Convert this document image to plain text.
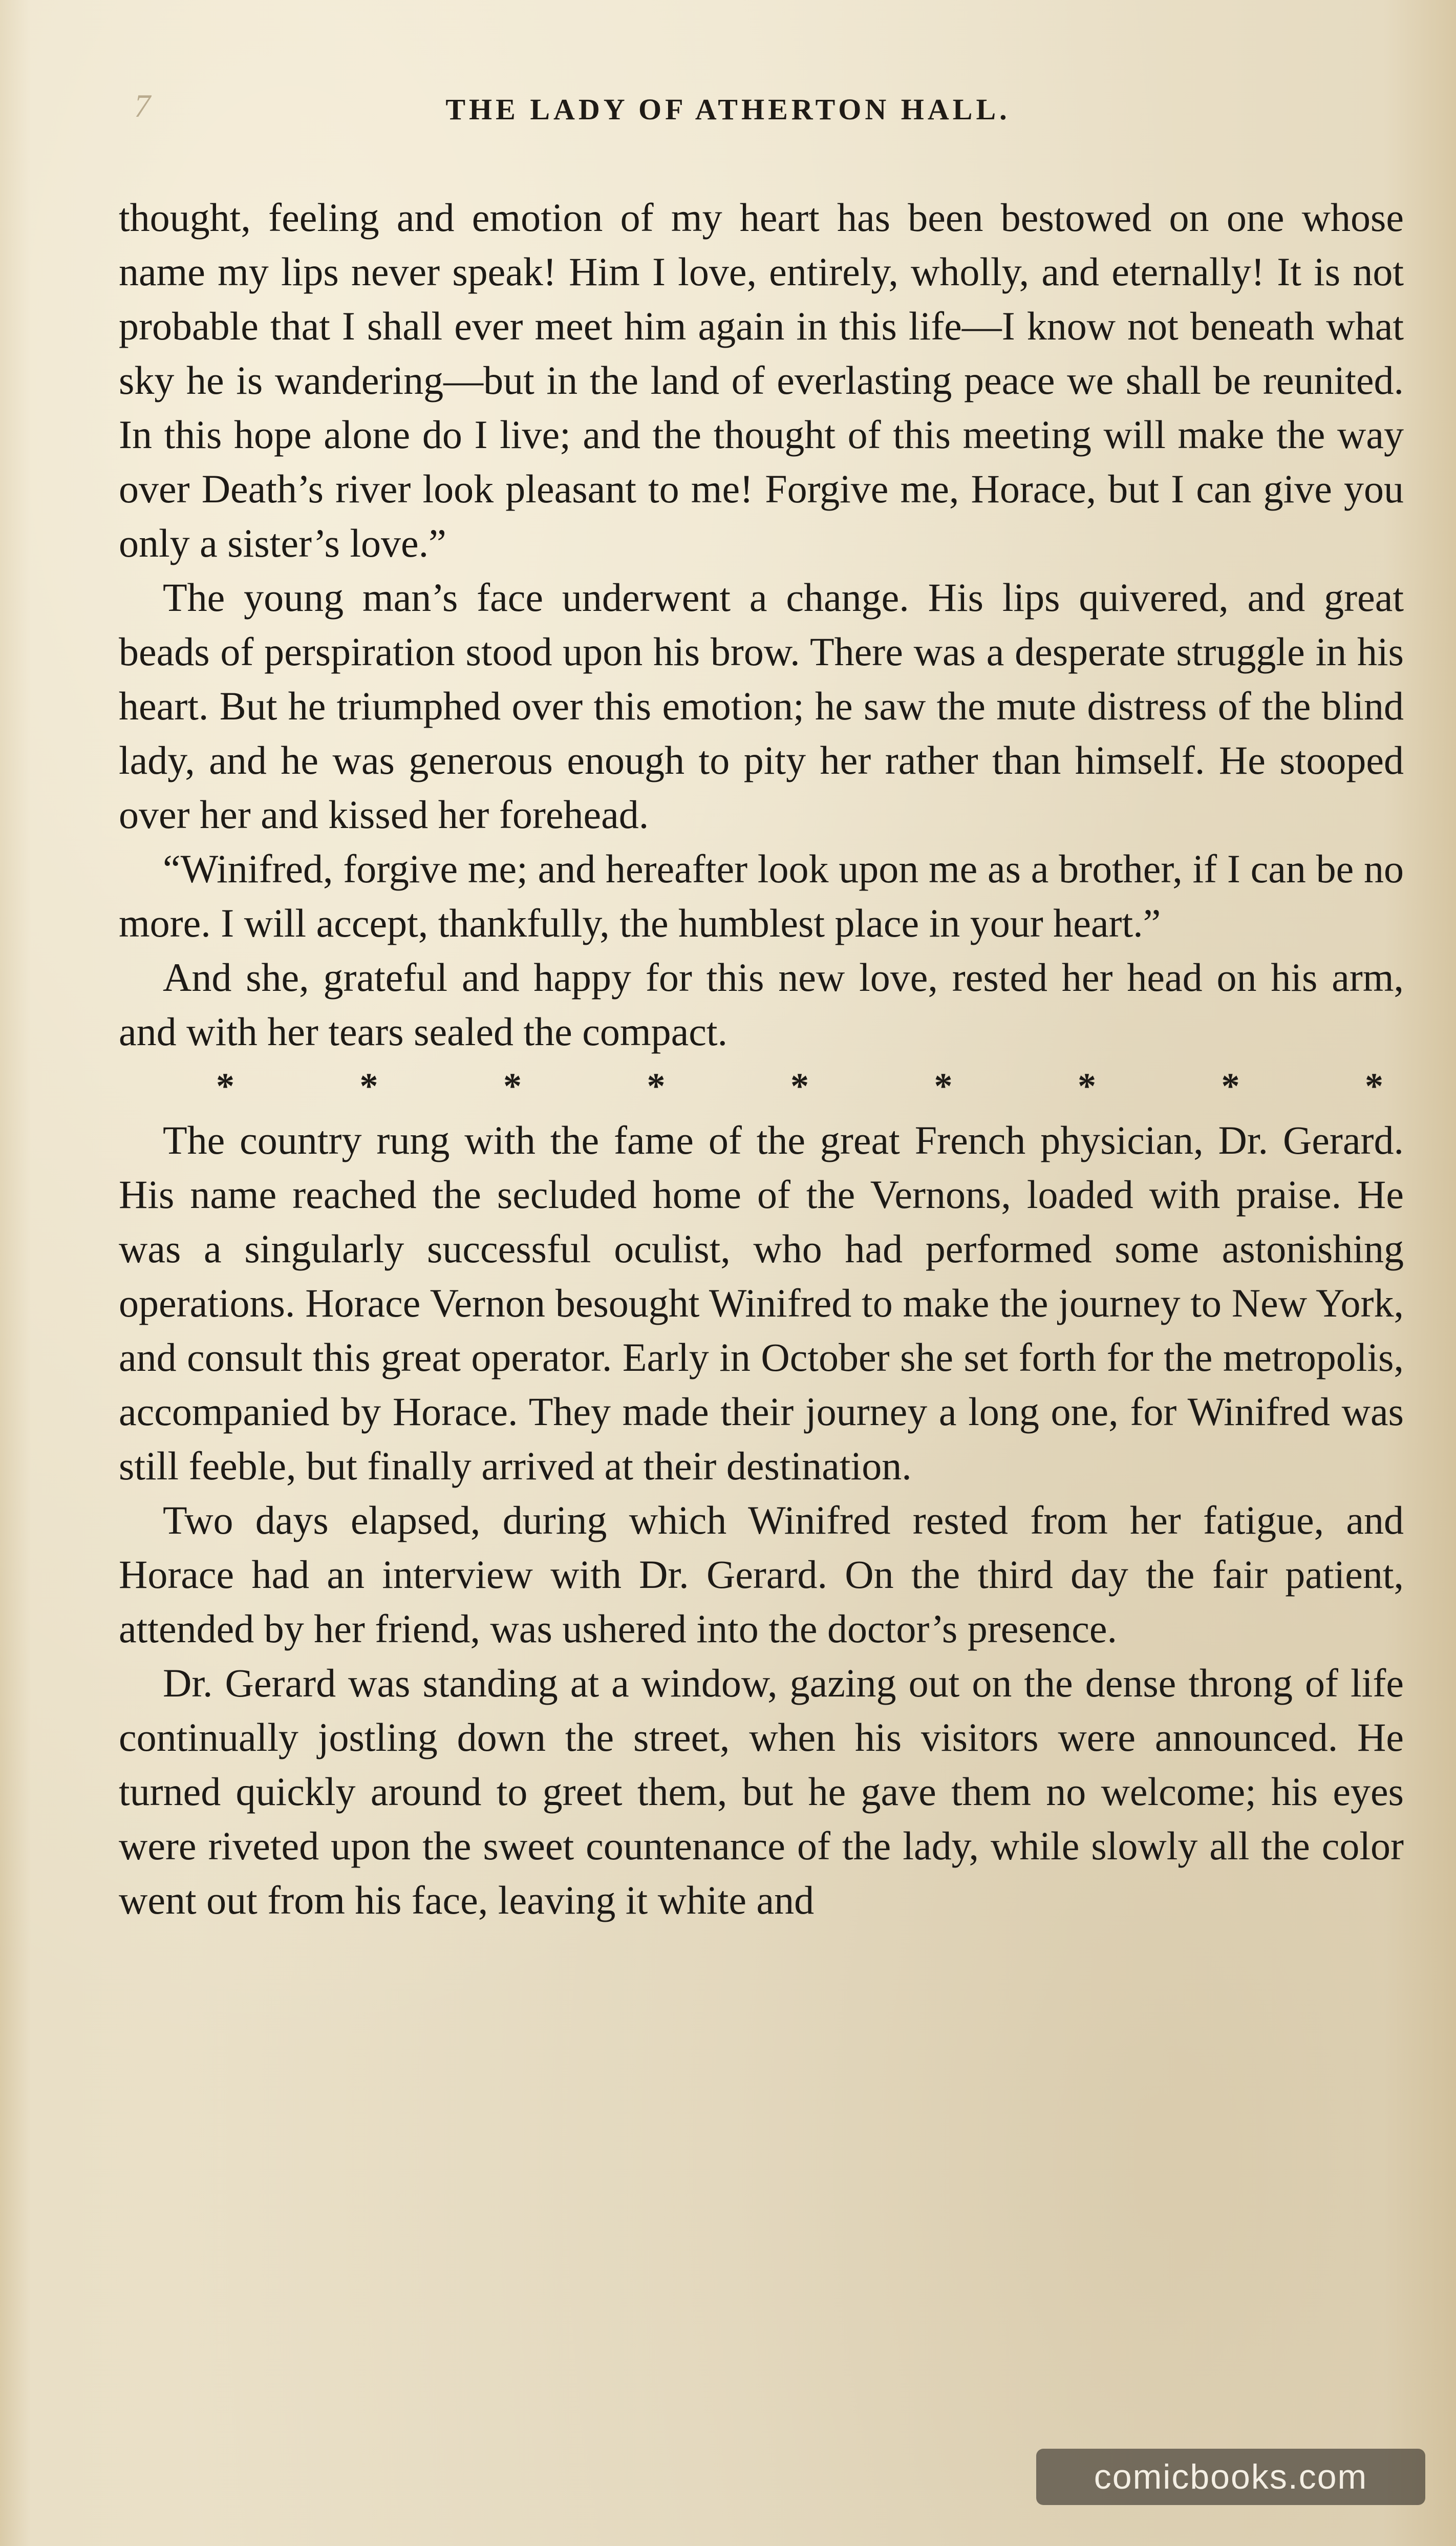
7	THE LADY OF ATHERTON HALL.

thought, feeling and emotion of my heart has been bestowed on one whose name my lips never speak! Him I love, entirely, wholly, and eternally! It is not probable that I shall ever meet him again in this life—I know not beneath what sky he is wandering—but in the land of everlasting peace we shall be reunited. In this hope alone do I live; and the thought of this meeting will make the way over Death’s river look pleasant to me! Forgive me, Horace, but I can give you only a sister’s love.”

The young man’s face underwent a change. His lips quivered, and great beads of perspiration stood upon his brow. There was a desperate struggle in his heart. But he triumphed over this emotion; he saw the mute distress of the blind lady, and he was generous enough to pity her rather than himself. He stooped over her and kissed her forehead.

“Winifred, forgive me; and hereafter look upon me as a brother, if I can be no more. I will accept, thankfully, the humblest place in your heart.”

And she, grateful and happy for this new love, rested her head on his arm, and with her tears sealed the compact.

*	*	*	*	*	*	*	*	*

The country rung with the fame of the great French physician, Dr. Gerard. His name reached the secluded home of the Vernons, loaded with praise. He was a singularly successful oculist, who had performed some astonishing operations. Horace Vernon besought Winifred to make the journey to New York, and consult this great operator. Early in October she set forth for the metropolis, accompanied by Horace. They made their journey a long one, for Winifred was still feeble, but finally arrived at their destination.

Two days elapsed, during which Winifred rested from her fatigue, and Horace had an interview with Dr. Gerard. On the third day the fair patient, attended by her friend, was ushered into the doctor’s presence.

Dr. Gerard was standing at a window, gazing out on the dense throng of life continually jostling down the street, when his visitors were announced. He turned quickly around to greet them, but he gave them no welcome; his eyes were riveted upon the sweet countenance of the lady, while slowly all the color went out from his face, leaving it white and

comicbooks.com
